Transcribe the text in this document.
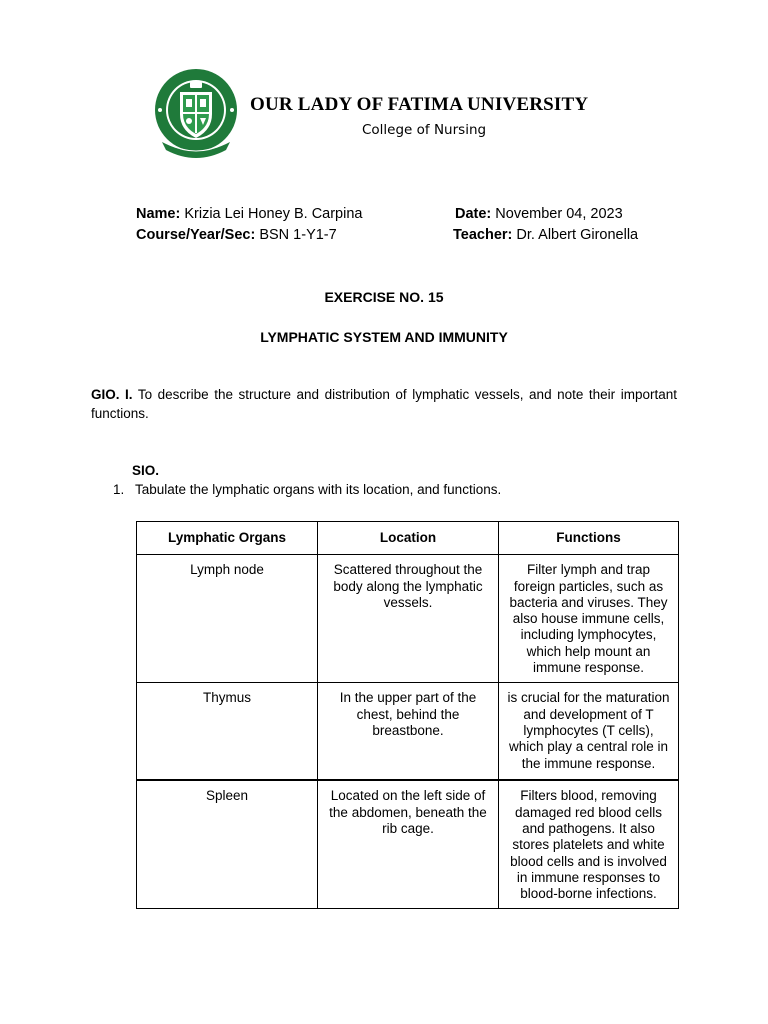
OUR LADY OF FATIMA UNIVERSITY

College of Nursing

Name: Krizia Lei Honey B. Carpina	Date: November 04, 2023
Course/Year/Sec: BSN 1-Y1-7	Teacher: Dr. Albert Gironella
EXERCISE NO. 15
LYMPHATIC SYSTEM AND IMMUNITY

GIO. I. To describe the structure and distribution of lymphatic vessels, and note their important functions.

SIO.

1. Tabulate the lymphatic organs with its location, and functions.

Lymphatic Organs	Location	Functions
Lymph node	Scattered throughout the body along the lymphatic vessels.	Filter lymph and trap foreign particles, such as bacteria and viruses. They also house immune cells, including lymphocytes, which help mount an immune response.
Thymus	In the upper part of the chest, behind the breastbone.	is crucial for the maturation and development of T lymphocytes (T cells), which play a central role in the immune response.
Spleen	Located on the left side of the abdomen, beneath the rib cage.	Filters blood, removing damaged red blood cells and pathogens. It also stores platelets and white blood cells and is involved in immune responses to blood-borne infections.
